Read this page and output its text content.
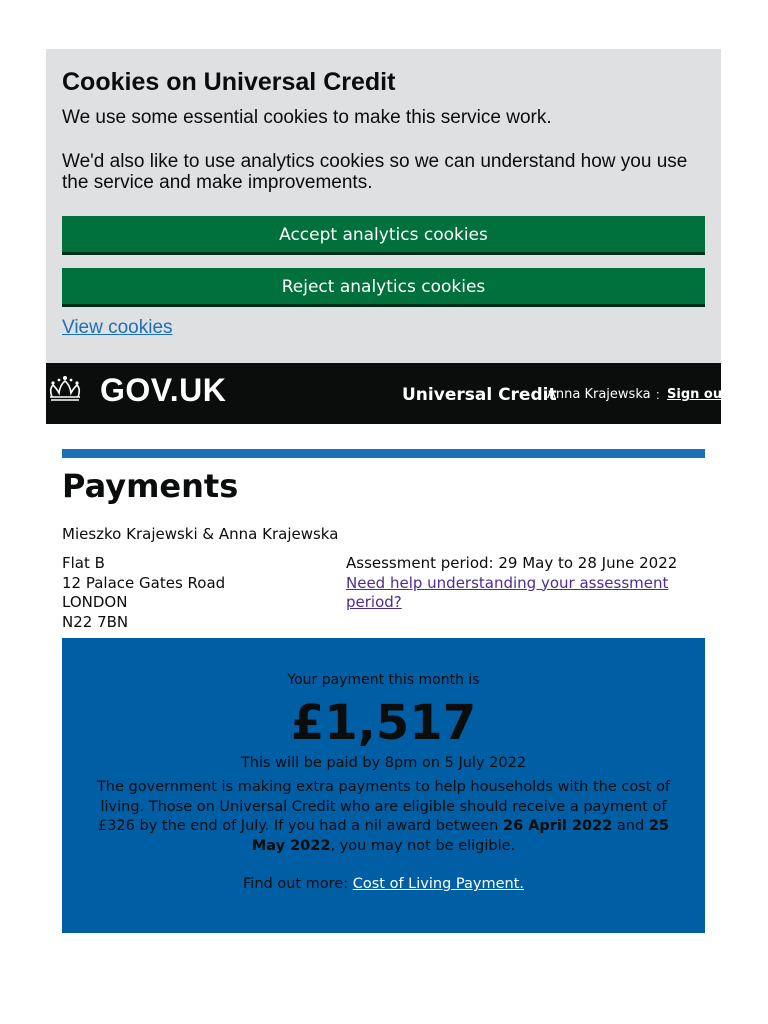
Cookies on Universal Credit

We use some essential cookies to make this service work.

We'd also like to use analytics cookies so we can understand how you use the service and make improvements.

Accept analytics cookies
Reject analytics cookies
View cookies
GOV.UK	Universal Credit
Anna Krajewska : Sign out
Payments
Mieszko Krajewski & Anna Krajewska
Flat B
12 Palace Gates Road
LONDON
N22 7BN
Assessment period: 29 May to 28 June 2022
Need help understanding your assessment period?
Your payment this month is
£1,517
This will be paid by 8pm on 5 July 2022
The government is making extra payments to help households with the cost of living. Those on Universal Credit who are eligible should receive a payment of £326 by the end of July. If you had a nil award between 26 April 2022 and 25 May 2022, you may not be eligible.
Find out more: Cost of Living Payment.
